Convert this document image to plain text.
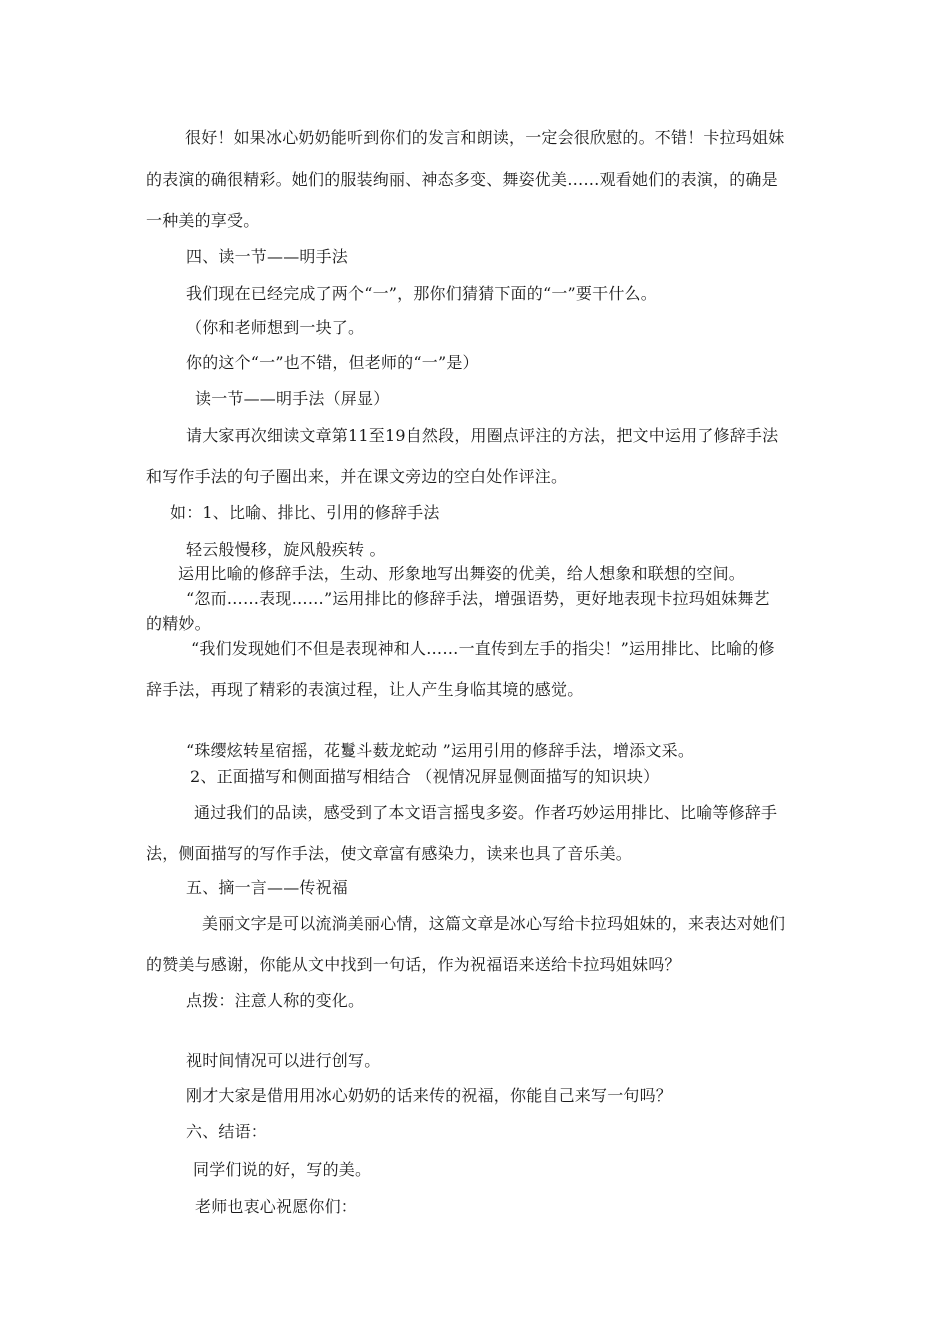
很好！如果冰心奶奶能听到你们的发言和朗读，一定会很欣慰的。不错！卡拉玛姐妹
的表演的确很精彩。她们的服装绚丽、神态多变、舞姿优美……观看她们的表演，的确是
一种美的享受。
四、读一节——明手法
我们现在已经完成了两个“一”，那你们猜猜下面的“一”要干什么。
（你和老师想到一块了。
你的这个“一”也不错，但老师的“一”是）
读一节——明手法（屏显）
请大家再次细读文章第11至19自然段，用圈点评注的方法，把文中运用了修辞手法
和写作手法的句子圈出来，并在课文旁边的空白处作评注。
如：1、比喻、排比、引用的修辞手法
轻云般慢移，旋风般疾转 。
运用比喻的修辞手法，生动、形象地写出舞姿的优美，给人想象和联想的空间。
“忽而……表现……”运用排比的修辞手法，增强语势，更好地表现卡拉玛姐妹舞艺
的精妙。
“我们发现她们不但是表现神和人……一直传到左手的指尖！”运用排比、比喻的修
辞手法，再现了精彩的表演过程，让人产生身临其境的感觉。
“珠缨炫转星宿摇，花鬘斗薮龙蛇动 ”运用引用的修辞手法，增添文采。
2、正面描写和侧面描写相结合 （视情况屏显侧面描写的知识块）
通过我们的品读，感受到了本文语言摇曳多姿。作者巧妙运用排比、比喻等修辞手
法，侧面描写的写作手法，使文章富有感染力，读来也具了音乐美。
五、摘一言——传祝福
美丽文字是可以流淌美丽心情，这篇文章是冰心写给卡拉玛姐妹的，来表达对她们
的赞美与感谢，你能从文中找到一句话，作为祝福语来送给卡拉玛姐妹吗？
点拨：注意人称的变化。
视时间情况可以进行创写。
刚才大家是借用用冰心奶奶的话来传的祝福，你能自己来写一句吗？
六、结语：
同学们说的好，写的美。
老师也衷心祝愿你们：
